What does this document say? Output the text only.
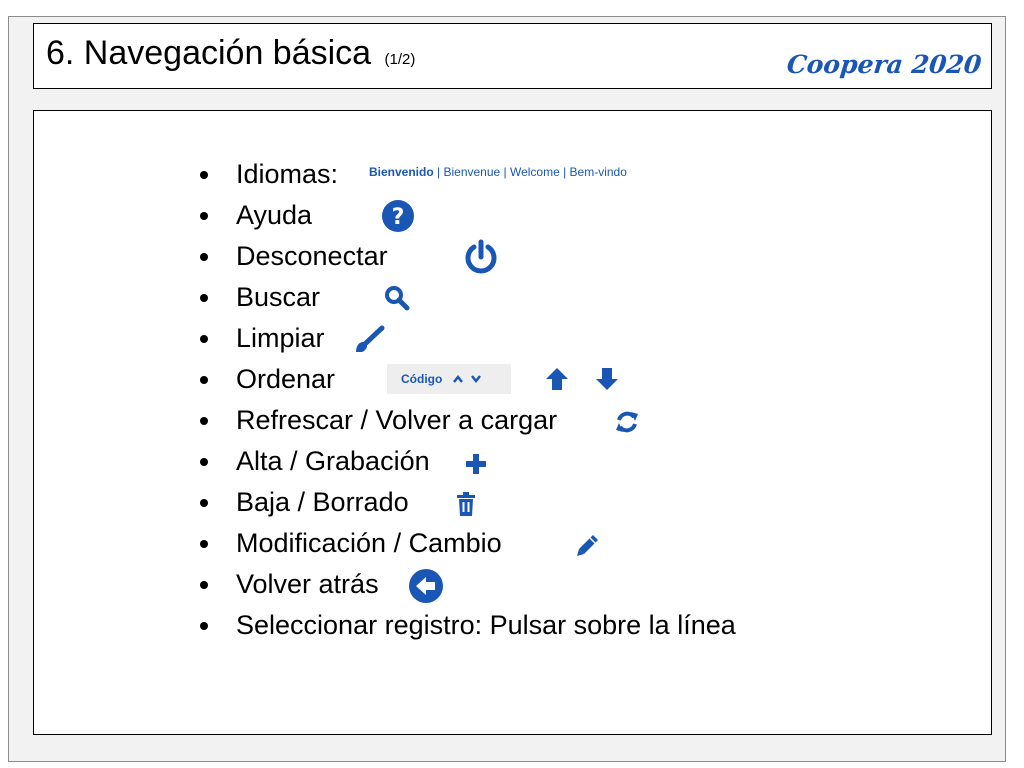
6. Navegación básica (1/2)	Coopera 2020
Idiomas:	Bienvenido | Bienvenue | Welcome | Bem-vindo
Ayuda	?
Desconectar
Buscar
Limpiar
Ordenar	Código
Refrescar / Volver a cargar
Alta / Grabación
Baja / Borrado
Modificación / Cambio
Volver atrás
Seleccionar registro: Pulsar sobre la línea
